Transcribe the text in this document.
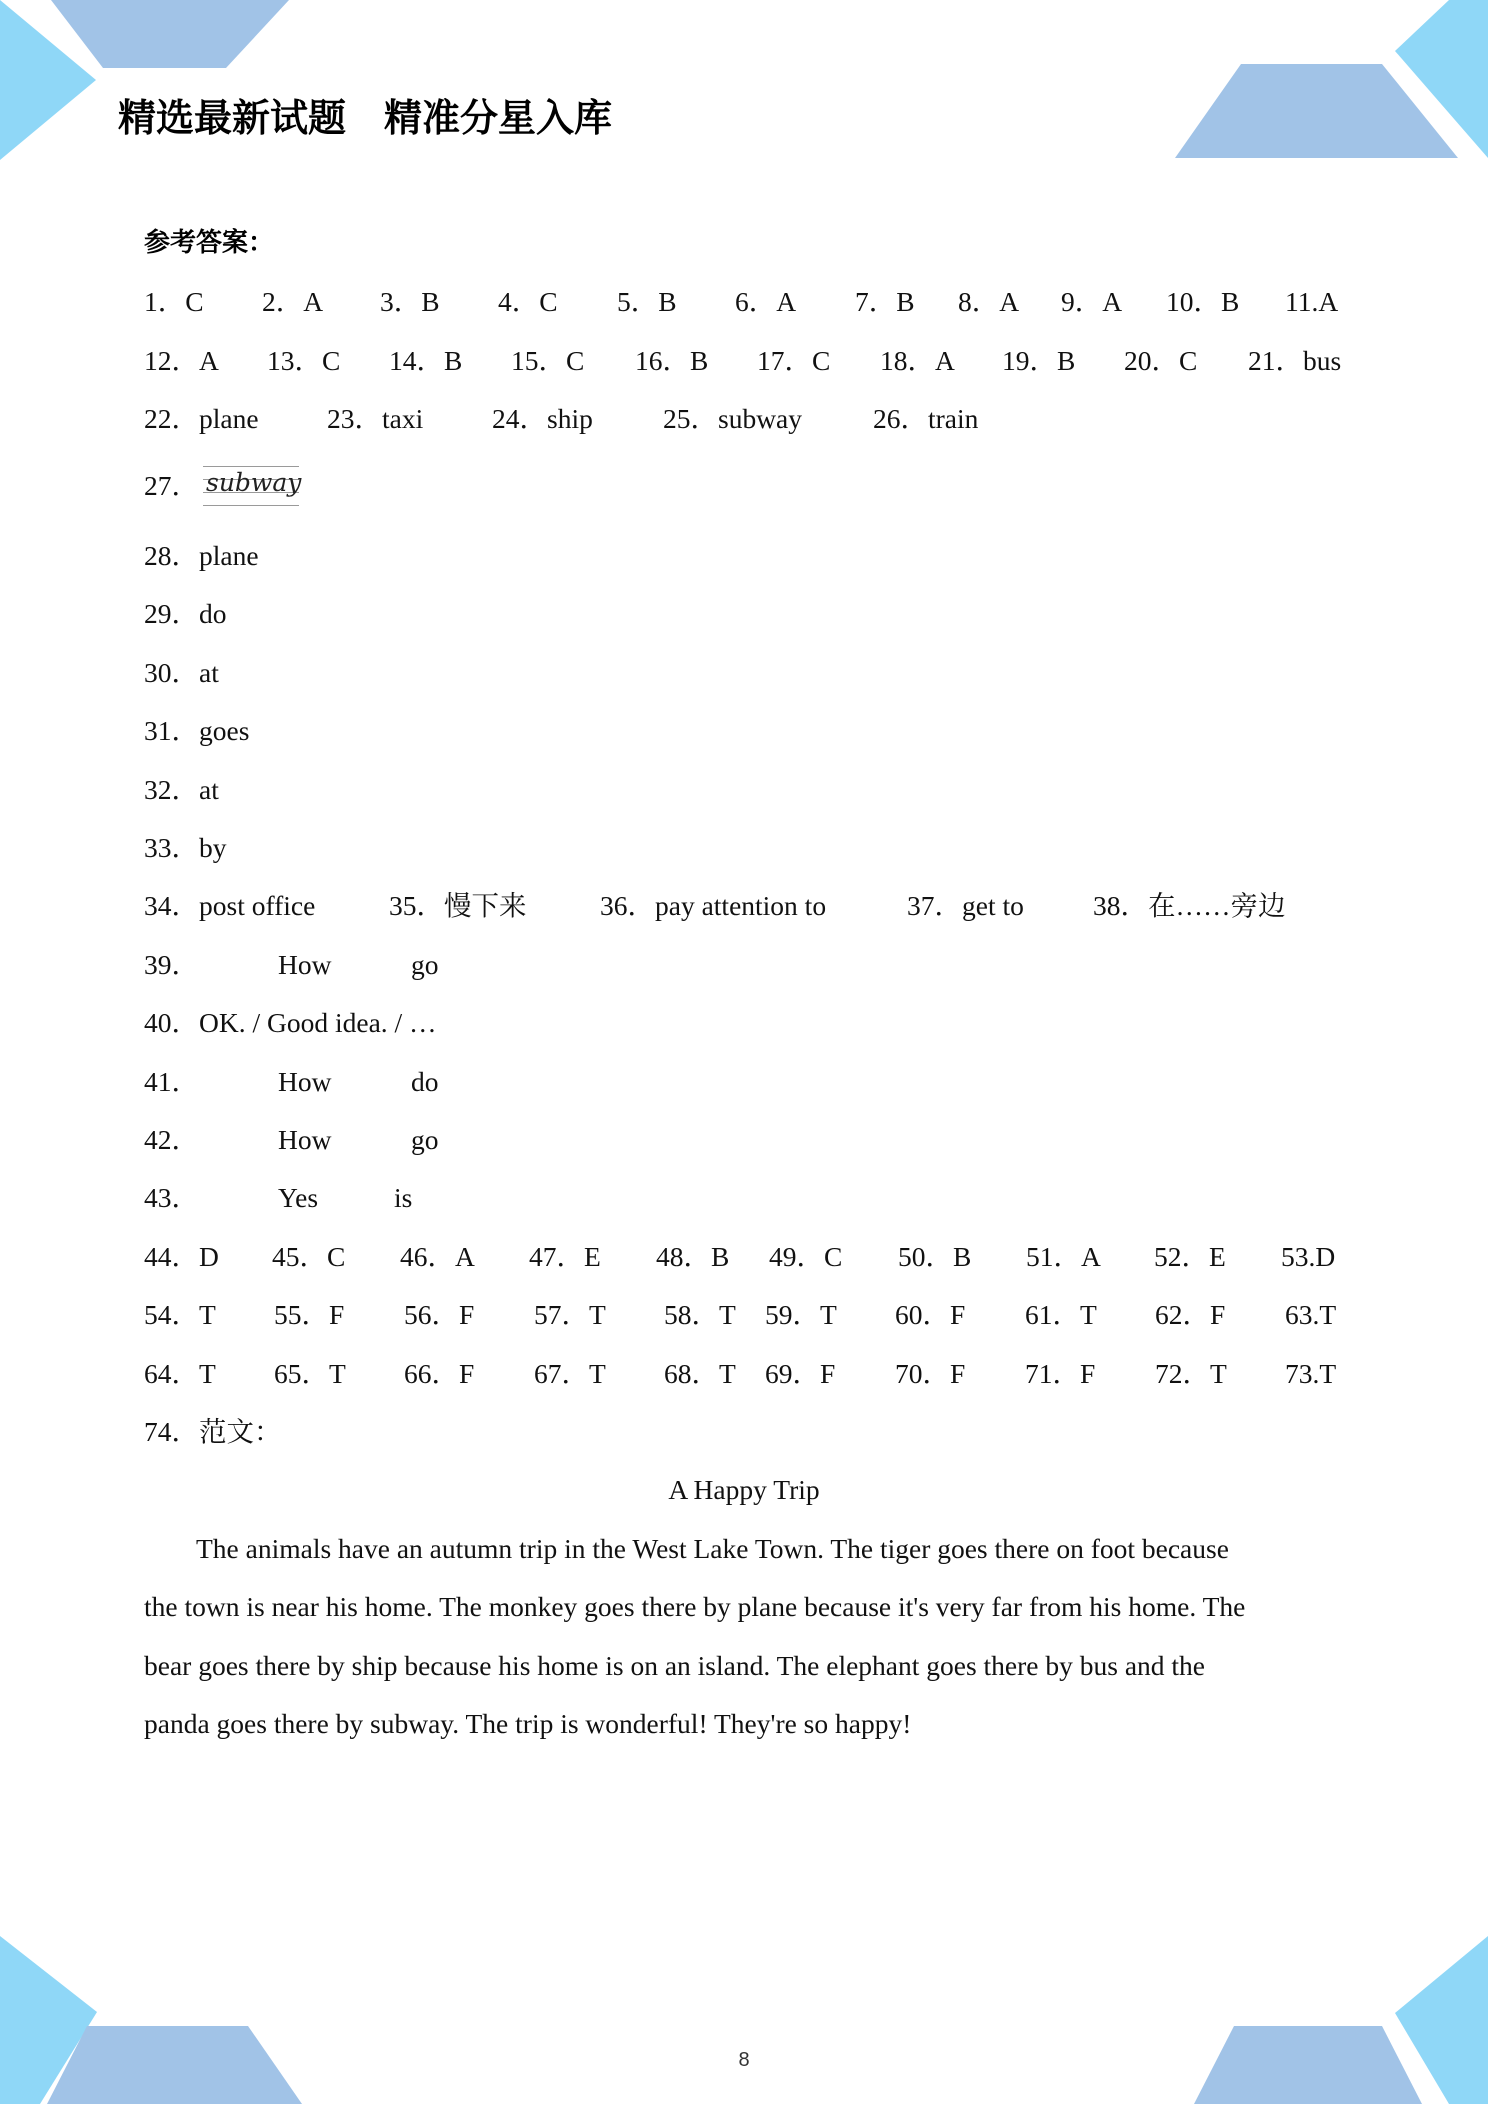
精选最新试题　精准分星入库
参考答案：
1．C 2．A 3．B 4．C 5．B 6．A 7．B 8．A 9．A 10．B 11.A
12．A 13．C 14．B 15．C 16．B 17．C 18．A 19．B 20．C 21．bus
22．plane 23．taxi	24．ship	25．subway	26．train
27． subway
28．plane
29．do
30．at
31．goes
32．at
33．by
34．post office	35．慢下来	36．pay attention to	37．get to	38．在……旁边
39．	How	go
40．OK. / Good idea. / …
41．	How	do
42．	How	go
43．	Yes	is
44．D 45．C 46．A 47．E 48．B 49．C 50．B 51．A 52．E 53.D
54．T 55．F 56．F 57．T 58．T 59．T 60．F 61．T 62．F 63.T
64．T 65．T 66．F 67．T 68．T 69．F 70．F 71．F 72．T 73.T
74．范文：
A Happy Trip
The animals have an autumn trip in the West Lake Town. The tiger goes there on foot because
the town is near his home. The monkey goes there by plane because it's very far from his home. The
bear goes there by ship because his home is on an island. The elephant goes there by bus and the
panda goes there by subway. The trip is wonderful! They're so happy!
8
